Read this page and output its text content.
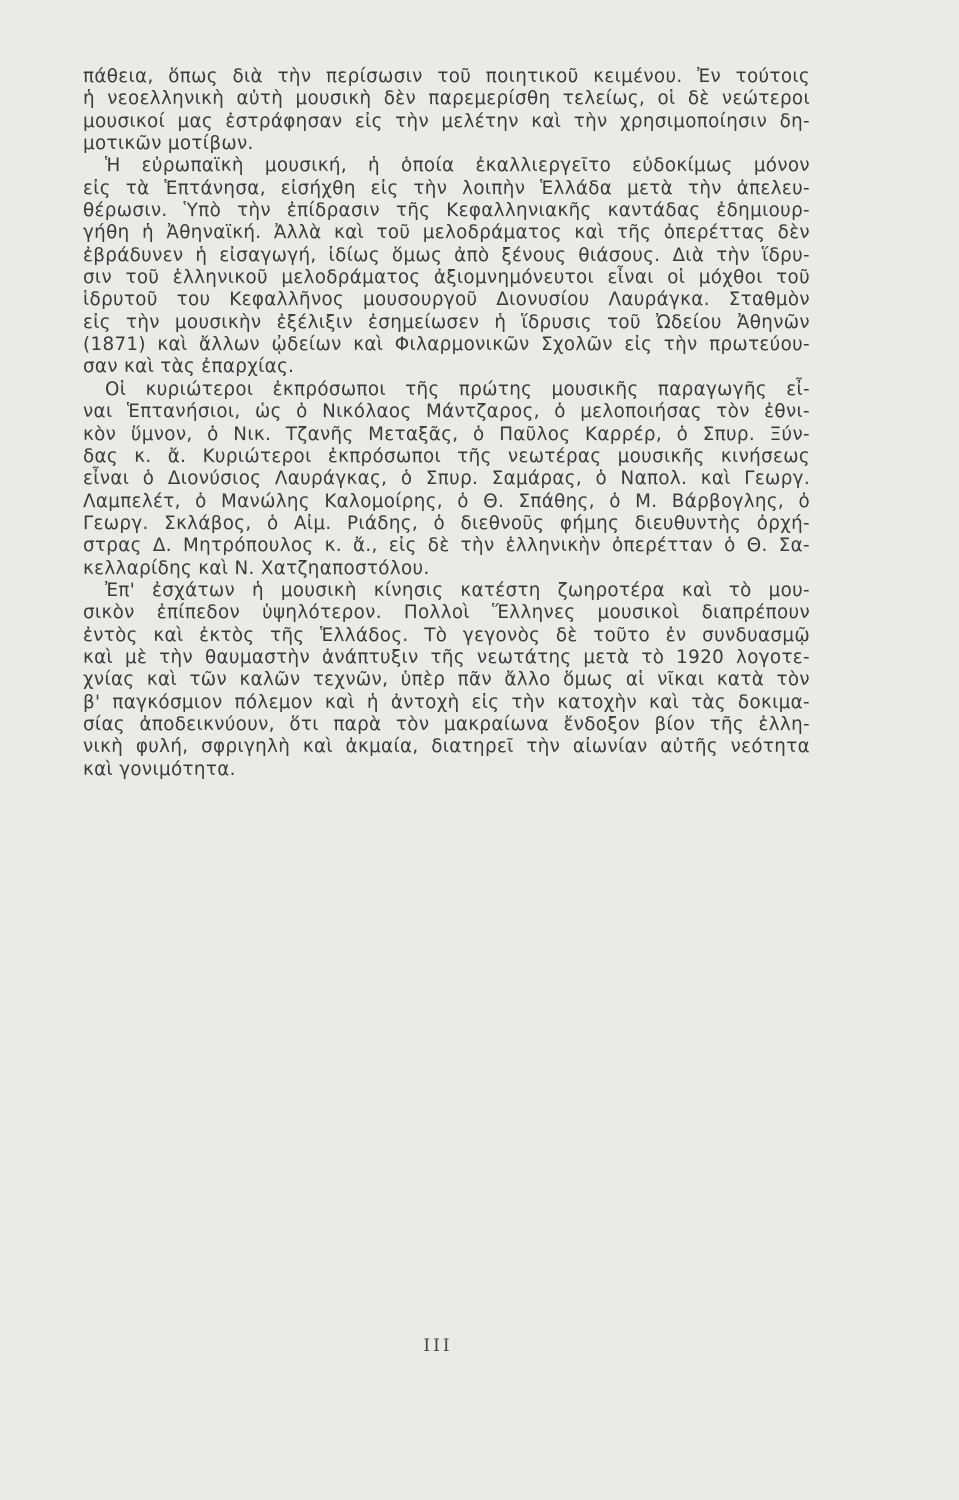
πάθεια, ὅπως διὰ τὴν περίσωσιν τοῦ ποιητικοῦ κειμένου. Ἐν τούτοις
ἡ νεοελληνικὴ αὐτὴ μουσικὴ δὲν παρεμερίσθη τελείως, οἱ δὲ νεώτεροι
μουσικοί μας ἐστράφησαν εἰς τὴν μελέτην καὶ τὴν χρησιμοποίησιν δη-
μοτικῶν μοτίβων.
Ἡ εὐρωπαϊκὴ μουσική, ἡ ὁποία ἐκαλλιεργεῖτο εὐδοκίμως μόνον
εἰς τὰ Ἑπτάνησα, εἰσήχθη εἰς τὴν λοιπὴν Ἑλλάδα μετὰ τὴν ἀπελευ-
θέρωσιν. Ὑπὸ τὴν ἐπίδρασιν τῆς Κεφαλληνιακῆς καντάδας ἐδημιουρ-
γήθη ἡ Ἀθηναϊκή. Ἀλλὰ καὶ τοῦ μελοδράματος καὶ τῆς ὀπερέττας δὲν
ἐβράδυνεν ἡ εἰσαγωγή, ἰδίως ὅμως ἀπὸ ξένους θιάσους. Διὰ τὴν ἵδρυ-
σιν τοῦ ἑλληνικοῦ μελοδράματος ἀξιομνημόνευτοι εἶναι οἱ μόχθοι τοῦ
ἱδρυτοῦ του Κεφαλλῆνος μουσουργοῦ Διονυσίου Λαυράγκα. Σταθμὸν
εἰς τὴν μουσικὴν ἐξέλιξιν ἐσημείωσεν ἡ ἵδρυσις τοῦ Ὠδείου Ἀθηνῶν
(1871) καὶ ἄλλων ᾠδείων καὶ Φιλαρμονικῶν Σχολῶν εἰς τὴν πρωτεύου-
σαν καὶ τὰς ἐπαρχίας.
Οἱ κυριώτεροι ἐκπρόσωποι τῆς πρώτης μουσικῆς παραγωγῆς εἶ-
ναι Ἑπτανήσιοι, ὡς ὁ Νικόλαος Μάντζαρος, ὁ μελοποιήσας τὸν ἐθνι-
κὸν ὕμνον, ὁ Νικ. Τζανῆς Μεταξᾶς, ὁ Παῦλος Καρρέρ, ὁ Σπυρ. Ξύν-
δας κ. ἄ. Κυριώτεροι ἐκπρόσωποι τῆς νεωτέρας μουσικῆς κινήσεως
εἶναι ὁ Διονύσιος Λαυράγκας, ὁ Σπυρ. Σαμάρας, ὁ Ναπολ. καὶ Γεωργ.
Λαμπελέτ, ὁ Μανώλης Καλομοίρης, ὁ Θ. Σπάθης, ὁ Μ. Βάρβογλης, ὁ
Γεωργ. Σκλάβος, ὁ Αἰμ. Ριάδης, ὁ διεθνοῦς φήμης διευθυντὴς ὀρχή-
στρας Δ. Μητρόπουλος κ. ἄ., εἰς δὲ τὴν ἑλληνικὴν ὀπερέτταν ὁ Θ. Σα-
κελλαρίδης καὶ Ν. Χατζηαποστόλου.
Ἐπ' ἐσχάτων ἡ μουσικὴ κίνησις κατέστη ζωηροτέρα καὶ τὸ μου-
σικὸν ἐπίπεδον ὑψηλότερον. Πολλοὶ Ἕλληνες μουσικοὶ διαπρέπουν
ἐντὸς καὶ ἐκτὸς τῆς Ἑλλάδος. Τὸ γεγονὸς δὲ τοῦτο ἐν συνδυασμῷ
καὶ μὲ τὴν θαυμαστὴν ἀνάπτυξιν τῆς νεωτάτης μετὰ τὸ 1920 λογοτε-
χνίας καὶ τῶν καλῶν τεχνῶν, ὑπὲρ πᾶν ἄλλο ὅμως αἱ νῖκαι κατὰ τὸν
β' παγκόσμιον πόλεμον καὶ ἡ ἀντοχὴ εἰς τὴν κατοχὴν καὶ τὰς δοκιμα-
σίας ἀποδεικνύουν, ὅτι παρὰ τὸν μακραίωνα ἔνδοξον βίον τῆς ἑλλη-
νικὴ φυλή, σφριγηλὴ καὶ ἀκμαία, διατηρεῖ τὴν αἰωνίαν αὐτῆς νεότητα
καὶ γονιμότητα.
III
